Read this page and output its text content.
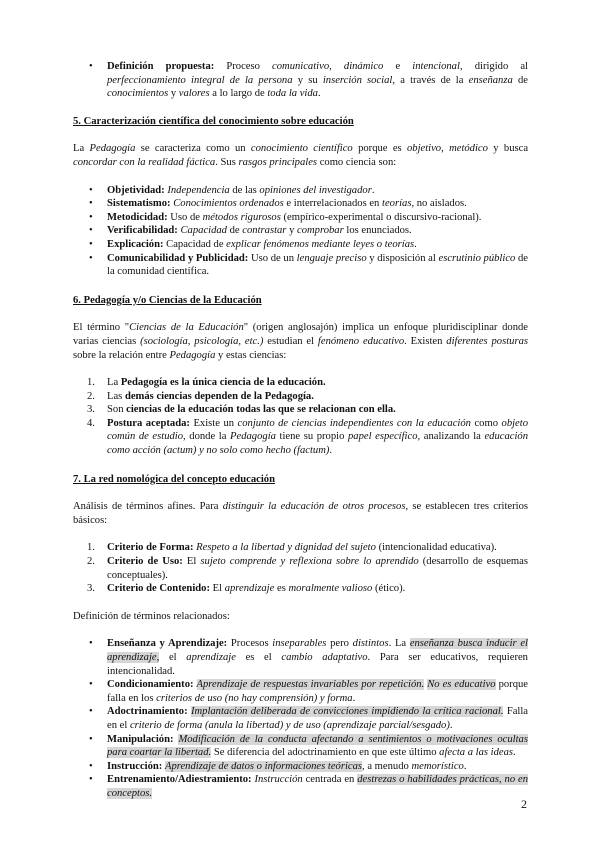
• Definición propuesta: Proceso comunicativo, dinámico e intencional, dirigido al perfeccionamiento integral de la persona y su inserción social, a través de la enseñanza de conocimientos y valores a lo largo de toda la vida.

5. Caracterización científica del conocimiento sobre educación

La Pedagogía se caracteriza como un conocimiento científico porque es objetivo, metódico y busca concordar con la realidad fáctica. Sus rasgos principales como ciencia son:

• Objetividad: Independencia de las opiniones del investigador.
• Sistematismo: Conocimientos ordenados e interrelacionados en teorías, no aislados.
• Metodicidad: Uso de métodos rigurosos (empírico-experimental o discursivo-racional).
• Verificabilidad: Capacidad de contrastar y comprobar los enunciados.
• Explicación: Capacidad de explicar fenómenos mediante leyes o teorías.
• Comunicabilidad y Publicidad: Uso de un lenguaje preciso y disposición al escrutinio público de la comunidad científica.

6. Pedagogía y/o Ciencias de la Educación

El término "Ciencias de la Educación" (origen anglosajón) implica un enfoque pluridisciplinar donde varias ciencias (sociología, psicología, etc.) estudian el fenómeno educativo. Existen diferentes posturas sobre la relación entre Pedagogía y estas ciencias:

1. La Pedagogía es la única ciencia de la educación.
2. Las demás ciencias dependen de la Pedagogía.
3. Son ciencias de la educación todas las que se relacionan con ella.
4. Postura aceptada: Existe un conjunto de ciencias independientes con la educación como objeto común de estudio, donde la Pedagogía tiene su propio papel específico, analizando la educación como acción (actum) y no solo como hecho (factum).

7. La red nomológica del concepto educación

Análisis de términos afines. Para distinguir la educación de otros procesos, se establecen tres criterios básicos:

1. Criterio de Forma: Respeto a la libertad y dignidad del sujeto (intencionalidad educativa).
2. Criterio de Uso: El sujeto comprende y reflexiona sobre lo aprendido (desarrollo de esquemas conceptuales).
3. Criterio de Contenido: El aprendizaje es moralmente valioso (ético).

Definición de términos relacionados:

• Enseñanza y Aprendizaje: Procesos inseparables pero distintos. La enseñanza busca inducir el aprendizaje, el aprendizaje es el cambio adaptativo. Para ser educativos, requieren intencionalidad.
• Condicionamiento: Aprendizaje de respuestas invariables por repetición. No es educativo porque falla en los criterios de uso (no hay comprensión) y forma.
• Adoctrinamiento: Implantación deliberada de convicciones impidiendo la crítica racional. Falla en el criterio de forma (anula la libertad) y de uso (aprendizaje parcial/sesgado).
• Manipulación: Modificación de la conducta afectando a sentimientos o motivaciones ocultas para coartar la libertad. Se diferencia del adoctrinamiento en que este último afecta a las ideas.
• Instrucción: Aprendizaje de datos o informaciones teóricas, a menudo memorístico.
• Entrenamiento/Adiestramiento: Instrucción centrada en destrezas o habilidades prácticas, no en conceptos.
2
